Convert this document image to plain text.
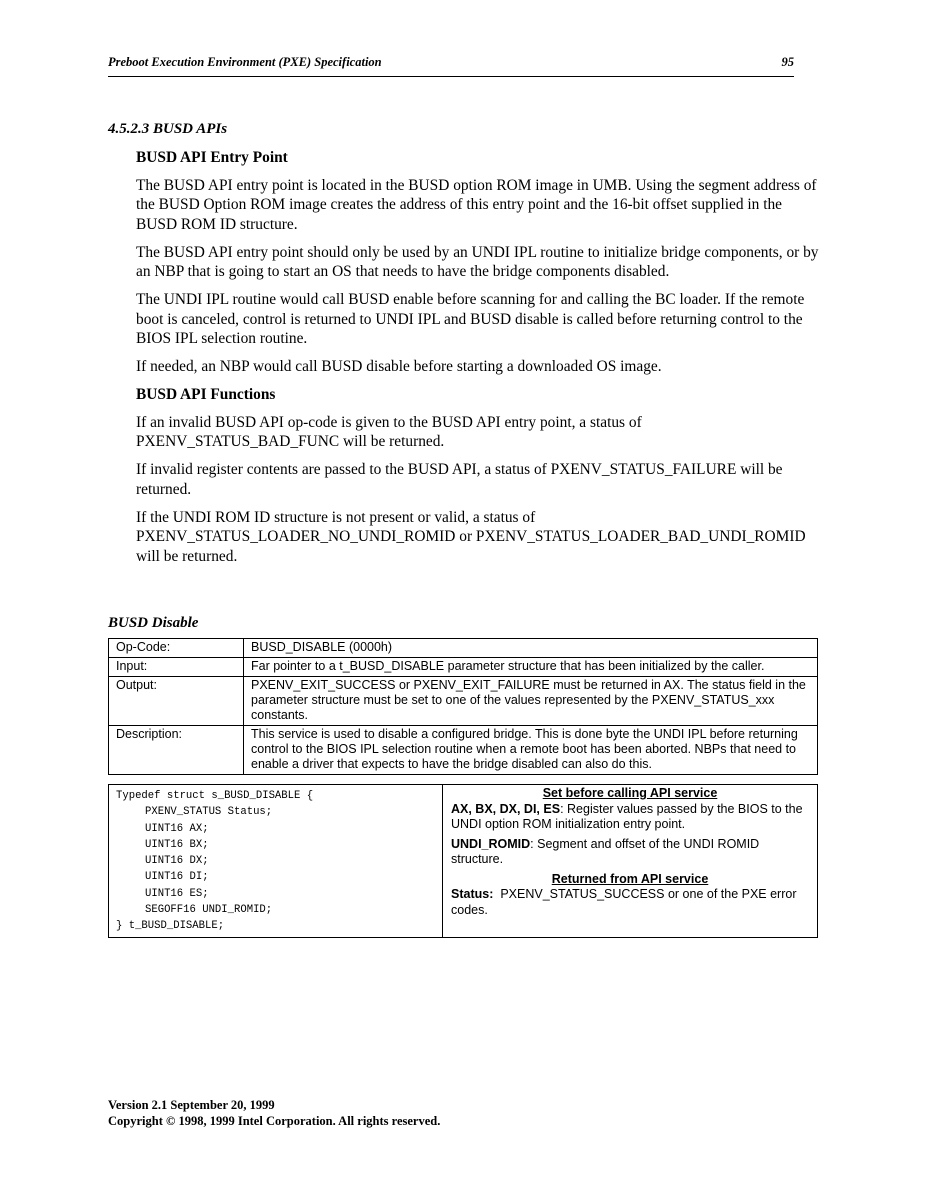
Preboot Execution Environment (PXE) Specification	95
4.5.2.3 BUSD APIs
BUSD API Entry Point

The BUSD API entry point is located in the BUSD option ROM image in UMB. Using the segment address of the BUSD Option ROM image creates the address of this entry point and the 16-bit offset supplied in the BUSD ROM ID structure.

The BUSD API entry point should only be used by an UNDI IPL routine to initialize bridge components, or by an NBP that is going to start an OS that needs to have the bridge components disabled.

The UNDI IPL routine would call BUSD enable before scanning for and calling the BC loader. If the remote boot is canceled, control is returned to UNDI IPL and BUSD disable is called before returning control to the BIOS IPL selection routine.

If needed, an NBP would call BUSD disable before starting a downloaded OS image.

BUSD API Functions

If an invalid BUSD API op-code is given to the BUSD API entry point, a status of PXENV_STATUS_BAD_FUNC will be returned.

If invalid register contents are passed to the BUSD API, a status of PXENV_STATUS_FAILURE will be returned.

If the UNDI ROM ID structure is not present or valid, a status of PXENV_STATUS_LOADER_NO_UNDI_ROMID or PXENV_STATUS_LOADER_BAD_UNDI_ROMID will be returned.

BUSD Disable
Op-Code:	BUSD_DISABLE (0000h)
Input:	Far pointer to a t_BUSD_DISABLE parameter structure that has been initialized by the caller.
Output:	PXENV_EXIT_SUCCESS or PXENV_EXIT_FAILURE must be returned in AX. The status field in the parameter structure must be set to one of the values represented by the PXENV_STATUS_xxx constants.
Description:	This service is used to disable a configured bridge. This is done byte the UNDI IPL before returning control to the BIOS IPL selection routine when a remote boot has been aborted. NBPs that need to enable a driver that expects to have the bridge disabled can also do this.
Typedef struct s_BUSD_DISABLE {
PXENV_STATUS Status;
UINT16 AX;
UINT16 BX;
UINT16 DX;
UINT16 DI;
UINT16 ES;
SEGOFF16 UNDI_ROMID;
} t_BUSD_DISABLE;

Set before calling API service

AX, BX, DX, DI, ES: Register values passed by the BIOS to the UNDI option ROM initialization entry point.

UNDI_ROMID: Segment and offset of the UNDI ROMID structure.

Returned from API service

Status:  PXENV_STATUS_SUCCESS or one of the PXE error codes.

Version 2.1 September 20, 1999
Copyright © 1998, 1999 Intel Corporation. All rights reserved.
